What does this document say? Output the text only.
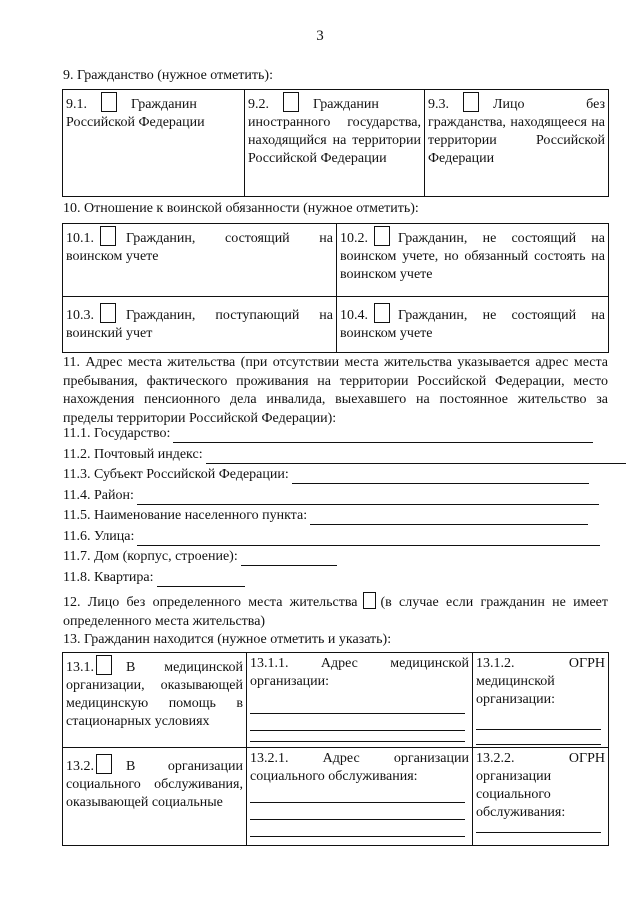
3
9. Гражданство (нужное отметить):
9.1.	Гражданин
Российской Федерации	
9.2.	Гражданин
иностранного государства, находящийся на территории Российской Федерации	
9.3.	Лицо без
гражданства, находящееся на территории Российской Федерации
10. Отношение к воинской обязанности (нужное отметить):
10.1. Гражданин, состоящий на
воинском учете	10.2. Гражданин, не состоящий на
воинском учете, но обязанный состоять на воинском учете

10.3. Гражданин, поступающий на
воинский учет	10.4. Гражданин, не состоящий на
воинском учете
11. Адрес места жительства (при отсутствии места жительства указывается адрес места пребывания, фактического проживания на территории Российской Федерации, место нахождения пенсионного дела инвалида, выехавшего на постоянное жительство за пределы территории Российской Федерации):
11.1. Государство:
11.2. Почтовый индекс:
11.3. Субъект Российской Федерации:
11.4. Район:
11.5. Наименование населенного пункта:
11.6. Улица:
11.7. Дом (корпус, строение):
11.8. Квартира:
12. Лицо без определенного места жительства (в случае если гражданин не имеет
определенного места жительства)
13. Гражданин находится (нужное отметить и указать):
13.1. В медицинской
организации, оказывающей медицинскую помощь в стационарных условиях	13.1.1. Адрес медицинской
организации:	13.1.2. ОГРН
медицинской организации:

13.2. В организации
социального обслуживания, оказывающей социальные	13.2.1. Адрес организации
социального обслуживания:	13.2.2. ОГРН
организации социального обслуживания:
